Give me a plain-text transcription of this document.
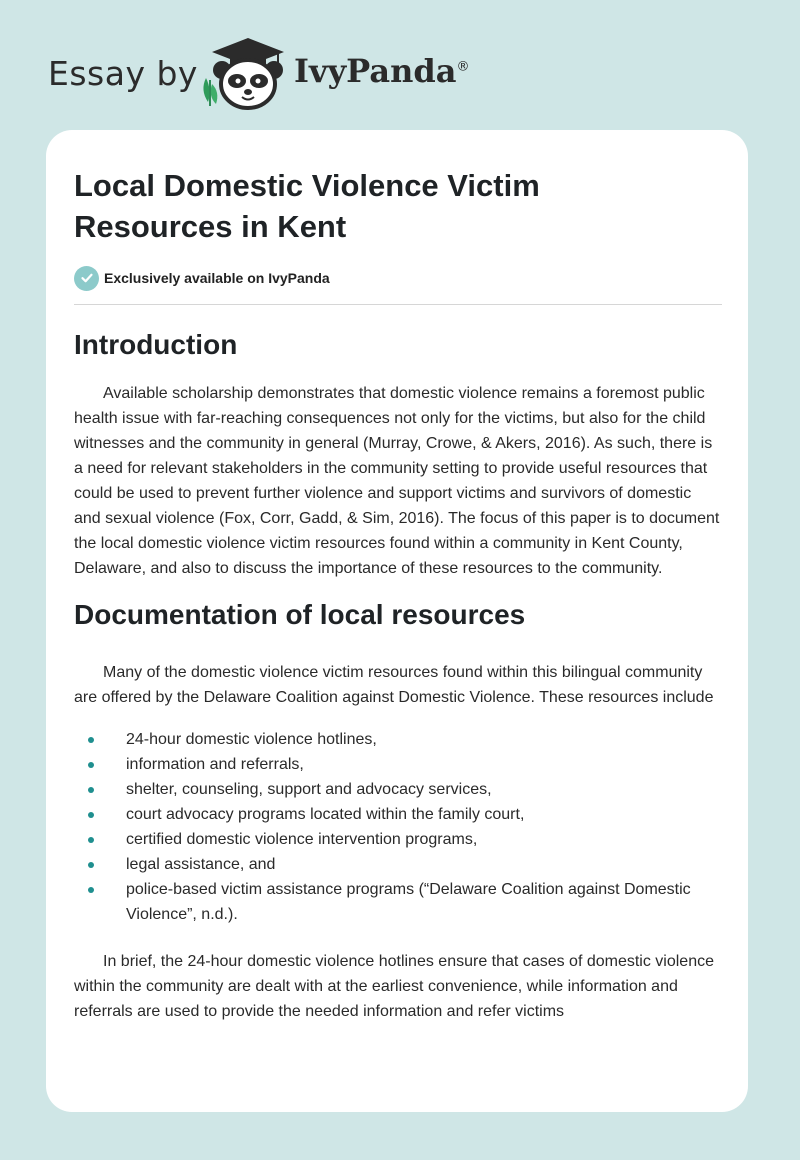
Essay by	IvyPanda®
Local Domestic Violence Victim Resources in Kent
Exclusively available on IvyPanda
Introduction

Available scholarship demonstrates that domestic violence remains a foremost public health issue with far-reaching consequences not only for the victims, but also for the child witnesses and the community in general (Murray, Crowe, & Akers, 2016). As such, there is a need for relevant stakeholders in the community setting to provide useful resources that could be used to prevent further violence and support victims and survivors of domestic and sexual violence (Fox, Corr, Gadd, & Sim, 2016). The focus of this paper is to document the local domestic violence victim resources found within a community in Kent County, Delaware, and also to discuss the importance of these resources to the community.

Documentation of local resources

Many of the domestic violence victim resources found within this bilingual community are offered by the Delaware Coalition against Domestic Violence. These resources include

24-hour domestic violence hotlines,
information and referrals,
shelter, counseling, support and advocacy services,
court advocacy programs located within the family court,
certified domestic violence intervention programs,
legal assistance, and
police-based victim assistance programs (“Delaware Coalition against Domestic Violence”, n.d.).

In brief, the 24-hour domestic violence hotlines ensure that cases of domestic violence within the community are dealt with at the earliest convenience, while information and referrals are used to provide the needed information and refer victims
